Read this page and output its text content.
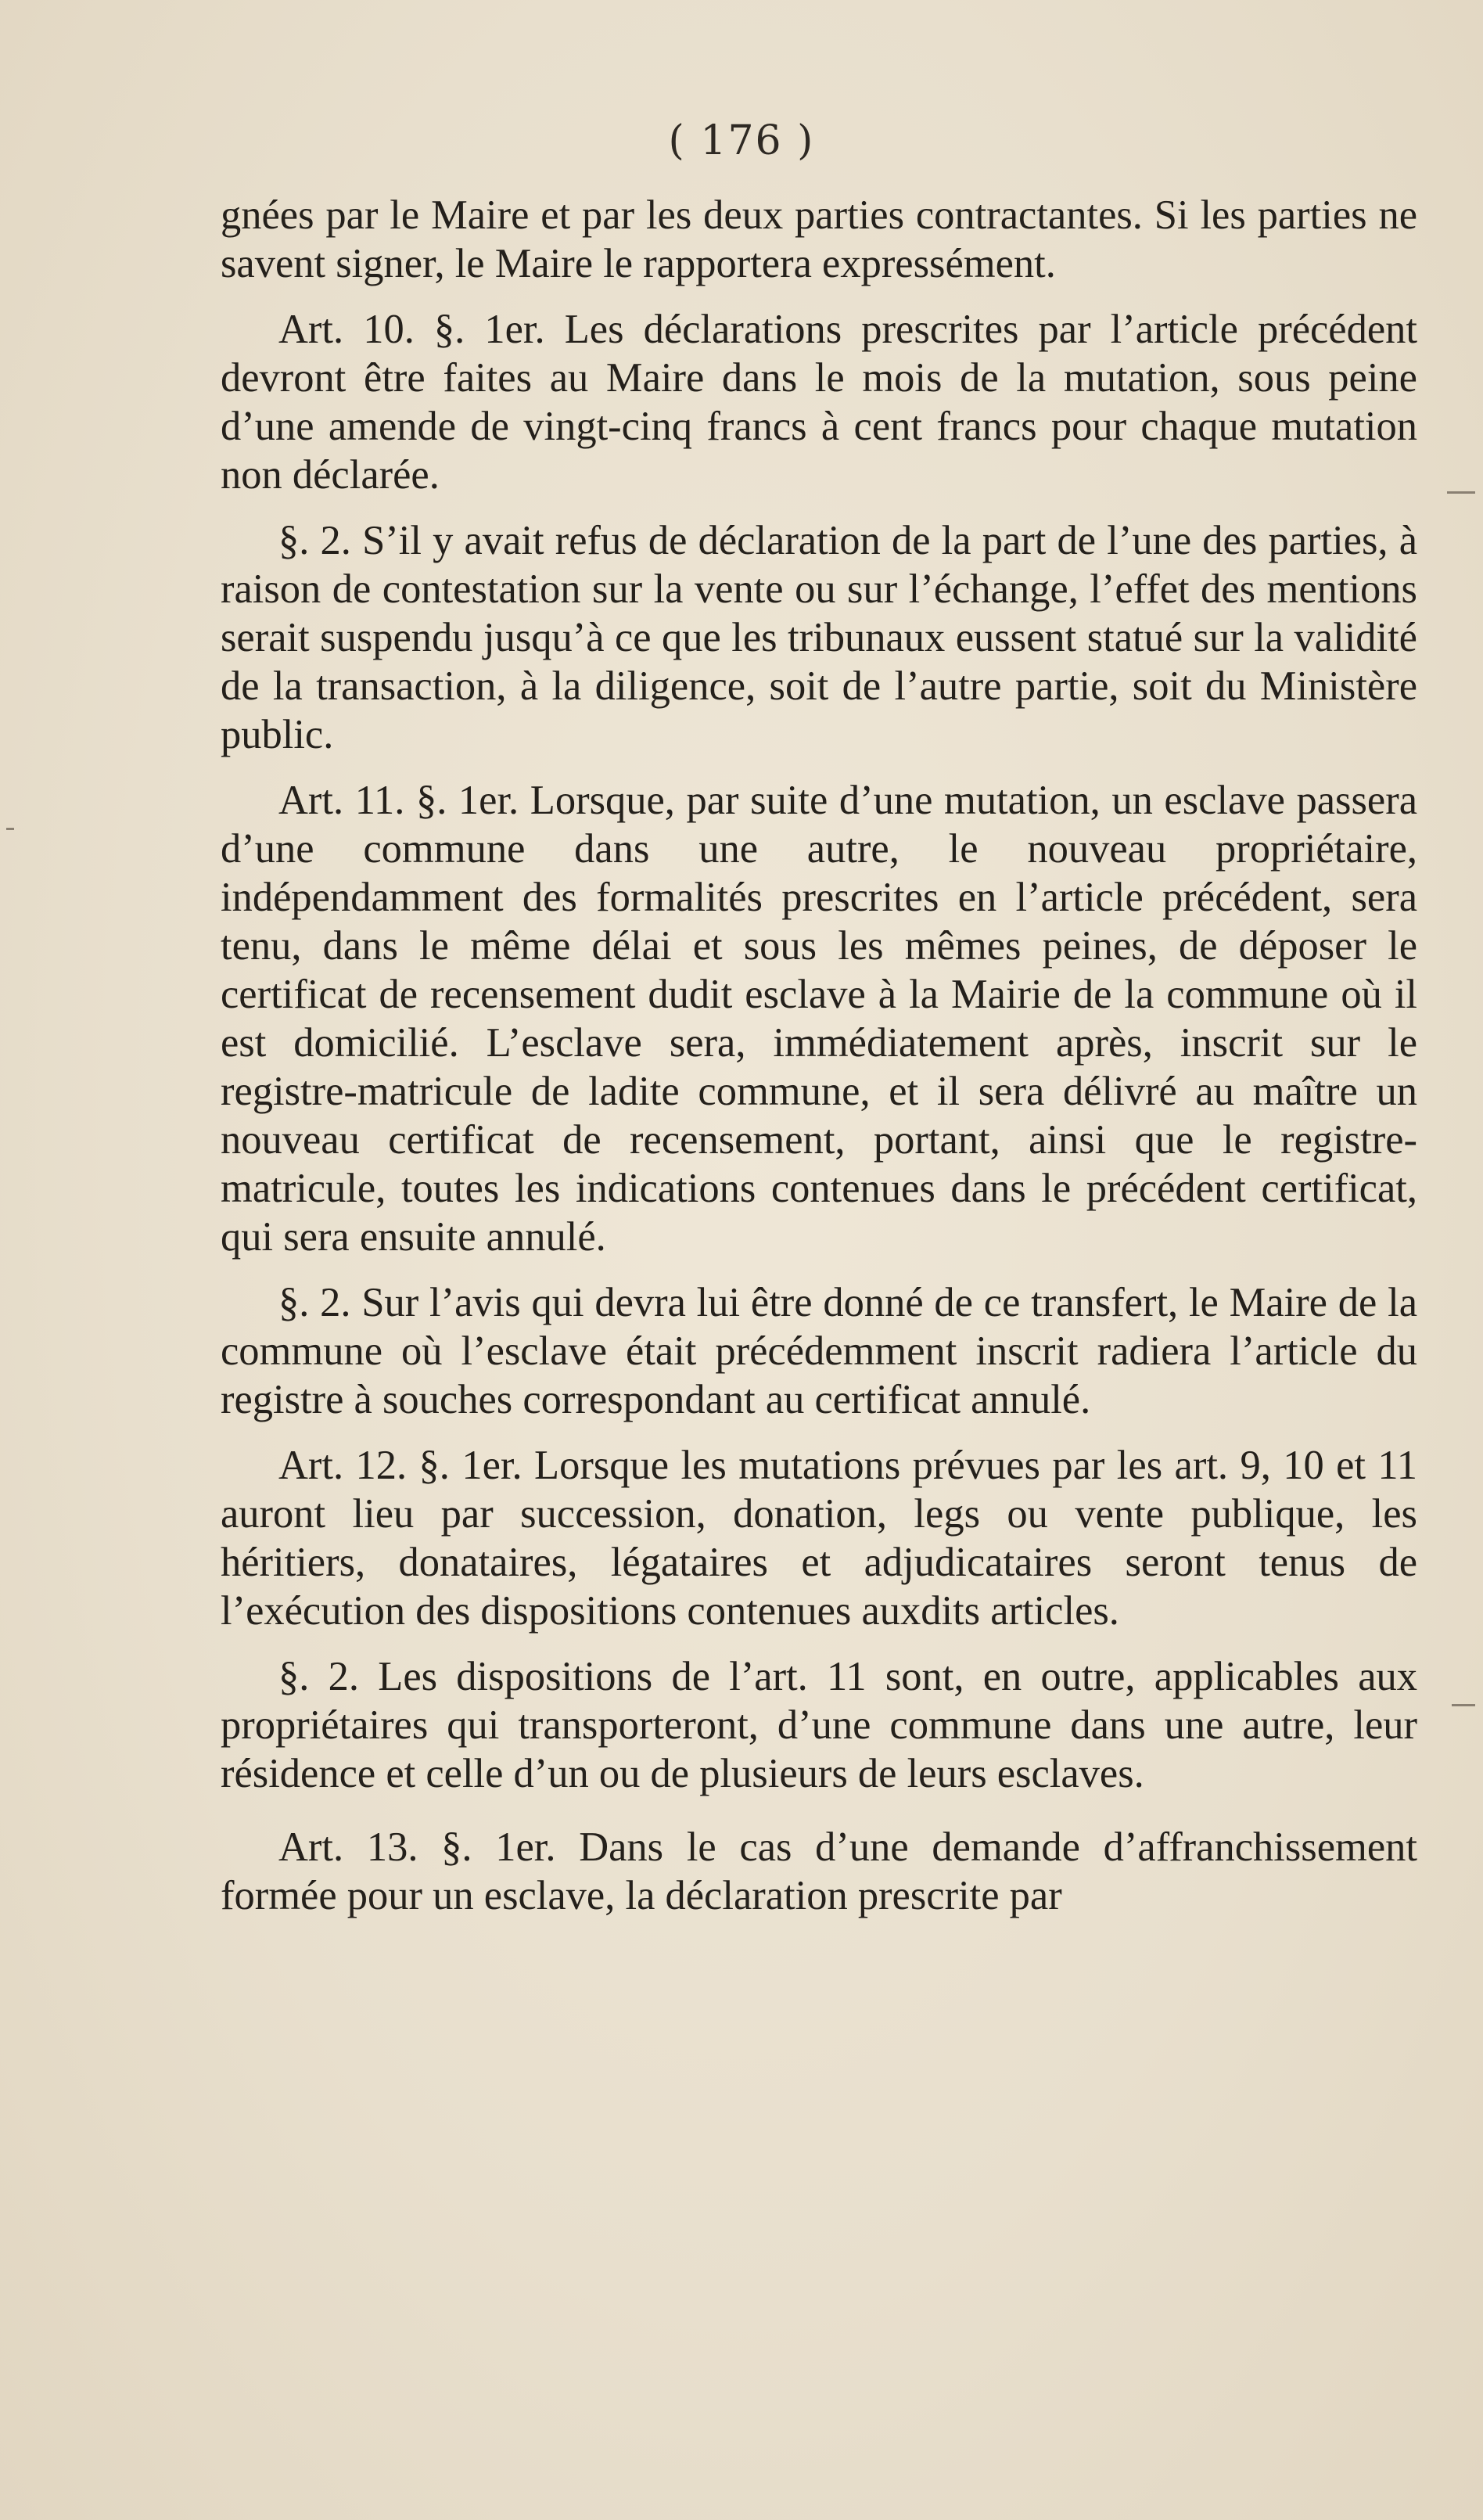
( 176 )

gnées par le Maire et par les deux parties contractantes. Si les parties ne savent signer, le Maire le rapportera expressément.

Art. 10. §. 1er. Les déclarations prescrites par l’article précédent devront être faites au Maire dans le mois de la mutation, sous peine d’une amende de vingt-cinq francs à cent francs pour chaque mutation non déclarée.

§. 2. S’il y avait refus de déclaration de la part de l’une des parties, à raison de contestation sur la vente ou sur l’échange, l’effet des mentions serait suspendu jusqu’à ce que les tribunaux eussent statué sur la validité de la transaction, à la diligence, soit de l’autre partie, soit du Ministère public.

Art. 11. §. 1er. Lorsque, par suite d’une mutation, un esclave passera d’une commune dans une autre, le nouveau propriétaire, indépendamment des formalités prescrites en l’article précédent, sera tenu, dans le même délai et sous les mêmes peines, de déposer le certificat de recensement dudit esclave à la Mairie de la commune où il est domicilié. L’esclave sera, immédiatement après, inscrit sur le registre-matricule de ladite commune, et il sera délivré au maître un nouveau certificat de recensement, portant, ainsi que le registre-matricule, toutes les indications contenues dans le précédent certificat, qui sera ensuite annulé.

§. 2. Sur l’avis qui devra lui être donné de ce transfert, le Maire de la commune où l’esclave était précédemment inscrit radiera l’article du registre à souches correspondant au certificat annulé.

Art. 12. §. 1er. Lorsque les mutations prévues par les art. 9, 10 et 11 auront lieu par succession, donation, legs ou vente publique, les héritiers, donataires, légataires et adjudicataires seront tenus de l’exécution des dispositions contenues auxdits articles.

§. 2. Les dispositions de l’art. 11 sont, en outre, applicables aux propriétaires qui transporteront, d’une commune dans une autre, leur résidence et celle d’un ou de plusieurs de leurs esclaves.

Art. 13. §. 1er. Dans le cas d’une demande d’affranchissement formée pour un esclave, la déclaration prescrite par
